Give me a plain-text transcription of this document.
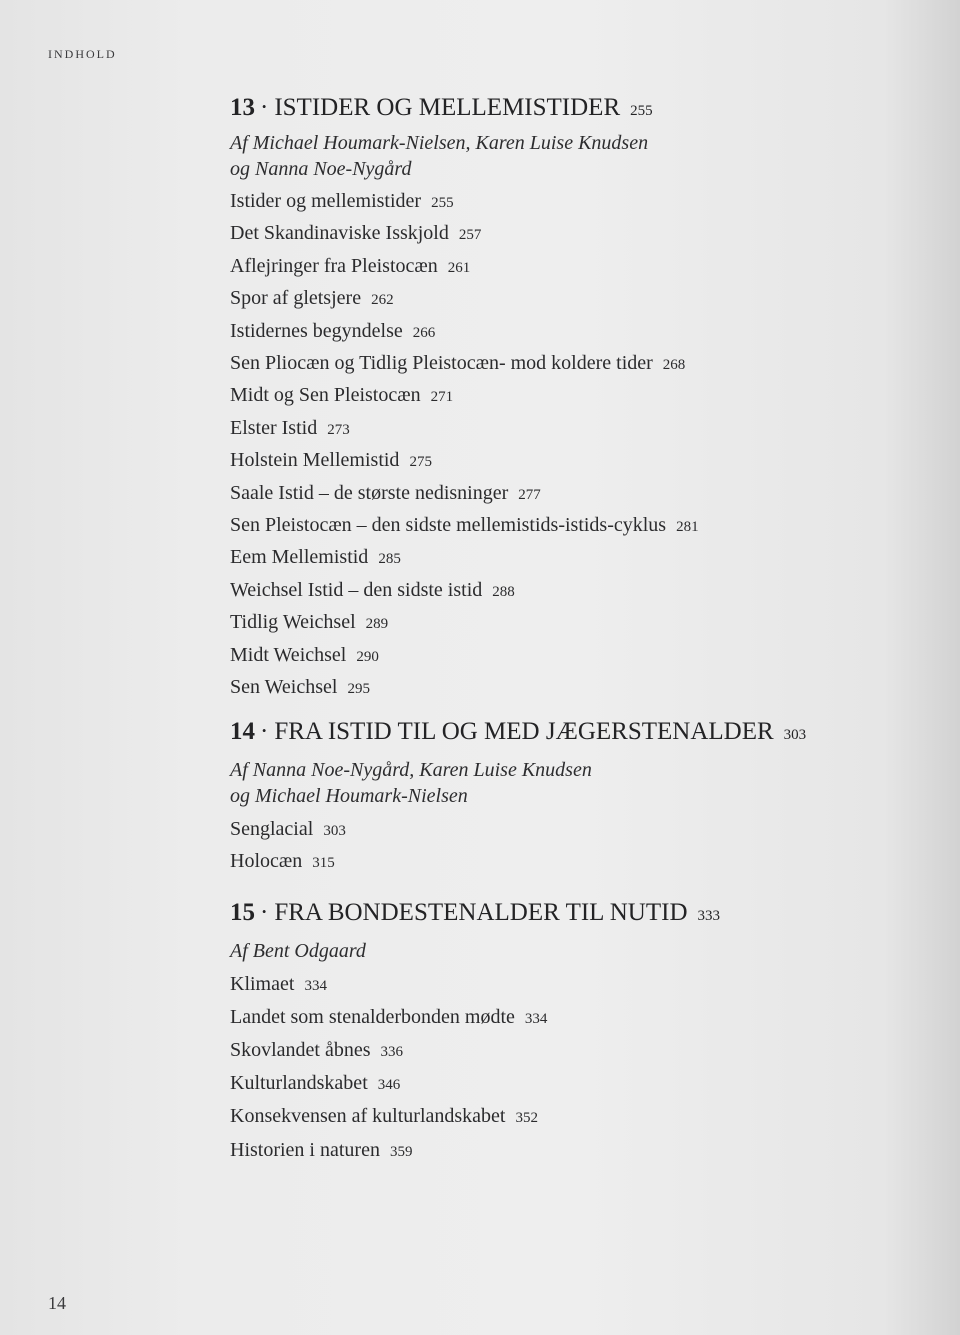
INDHOLD
13 · ISTIDER OG MELLEMISTIDER 255
Af Michael Houmark-Nielsen, Karen Luise Knudsen
og Nanna Noe-Nygård
Istider og mellemistider 255
Det Skandinaviske Isskjold 257
Aflejringer fra Pleistocæn 261
Spor af gletsjere 262
Istidernes begyndelse 266
Sen Pliocæn og Tidlig Pleistocæn- mod koldere tider 268
Midt og Sen Pleistocæn 271
Elster Istid 273
Holstein Mellemistid 275
Saale Istid – de største nedisninger 277
Sen Pleistocæn – den sidste mellemistids-istids-cyklus 281
Eem Mellemistid 285
Weichsel Istid – den sidste istid 288
Tidlig Weichsel 289
Midt Weichsel 290
Sen Weichsel 295
14 · FRA ISTID TIL OG MED JÆGERSTENALDER 303
Af Nanna Noe-Nygård, Karen Luise Knudsen
og Michael Houmark-Nielsen
Senglacial 303
Holocæn 315
15 · FRA BONDESTENALDER TIL NUTID 333
Af Bent Odgaard
Klimaet 334
Landet som stenalderbonden mødte 334
Skovlandet åbnes 336
Kulturlandskabet 346
Konsekvensen af kulturlandskabet 352
Historien i naturen 359
14
